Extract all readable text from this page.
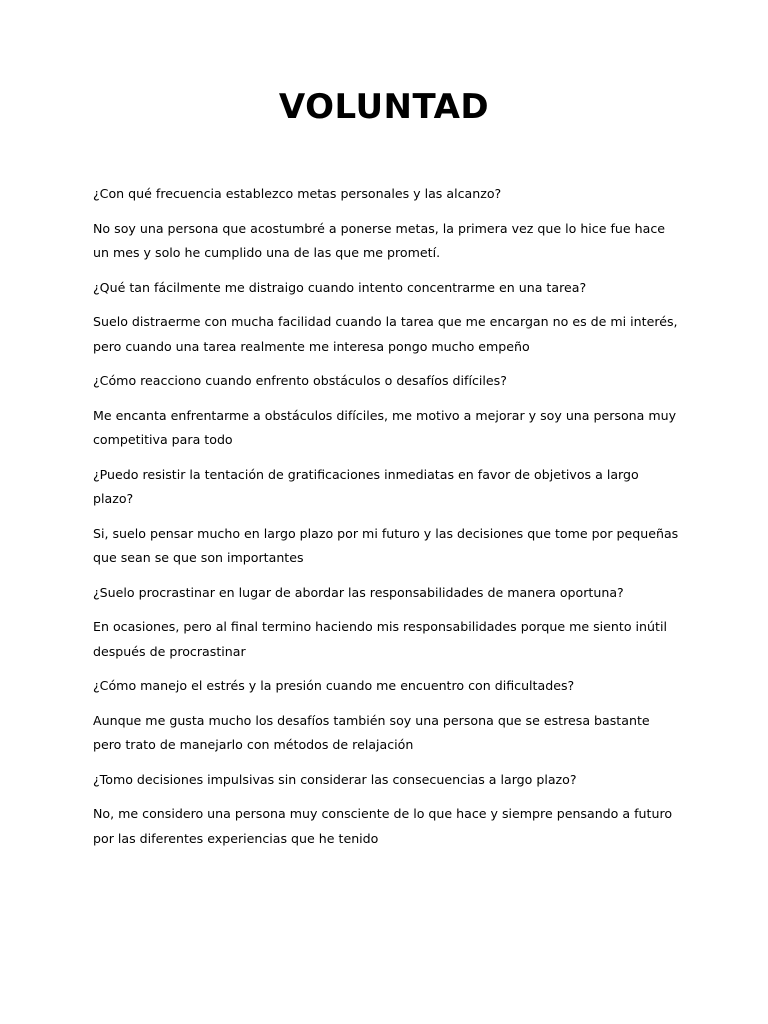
VOLUNTAD

¿Con qué frecuencia establezco metas personales y las alcanzo?

No soy una persona que acostumbré a ponerse metas, la primera vez que lo hice fue hace un mes y solo he cumplido una de las que me prometí.

¿Qué tan fácilmente me distraigo cuando intento concentrarme en una tarea?

Suelo distraerme con mucha facilidad cuando la tarea que me encargan no es de mi interés, pero cuando una tarea realmente me interesa pongo mucho empeño

¿Cómo reacciono cuando enfrento obstáculos o desafíos difíciles?

Me encanta enfrentarme a obstáculos difíciles, me motivo a mejorar y soy una persona muy competitiva para todo

¿Puedo resistir la tentación de gratificaciones inmediatas en favor de objetivos a largo plazo?

Si, suelo pensar mucho en largo plazo por mi futuro y las decisiones que tome por pequeñas que sean se que son importantes

¿Suelo procrastinar en lugar de abordar las responsabilidades de manera oportuna?

En ocasiones, pero al final termino haciendo mis responsabilidades porque me siento inútil después de procrastinar

¿Cómo manejo el estrés y la presión cuando me encuentro con dificultades?

Aunque me gusta mucho los desafíos también soy una persona que se estresa bastante pero trato de manejarlo con métodos de relajación

¿Tomo decisiones impulsivas sin considerar las consecuencias a largo plazo?

No, me considero una persona muy consciente de lo que hace y siempre pensando a futuro por las diferentes experiencias que he tenido
